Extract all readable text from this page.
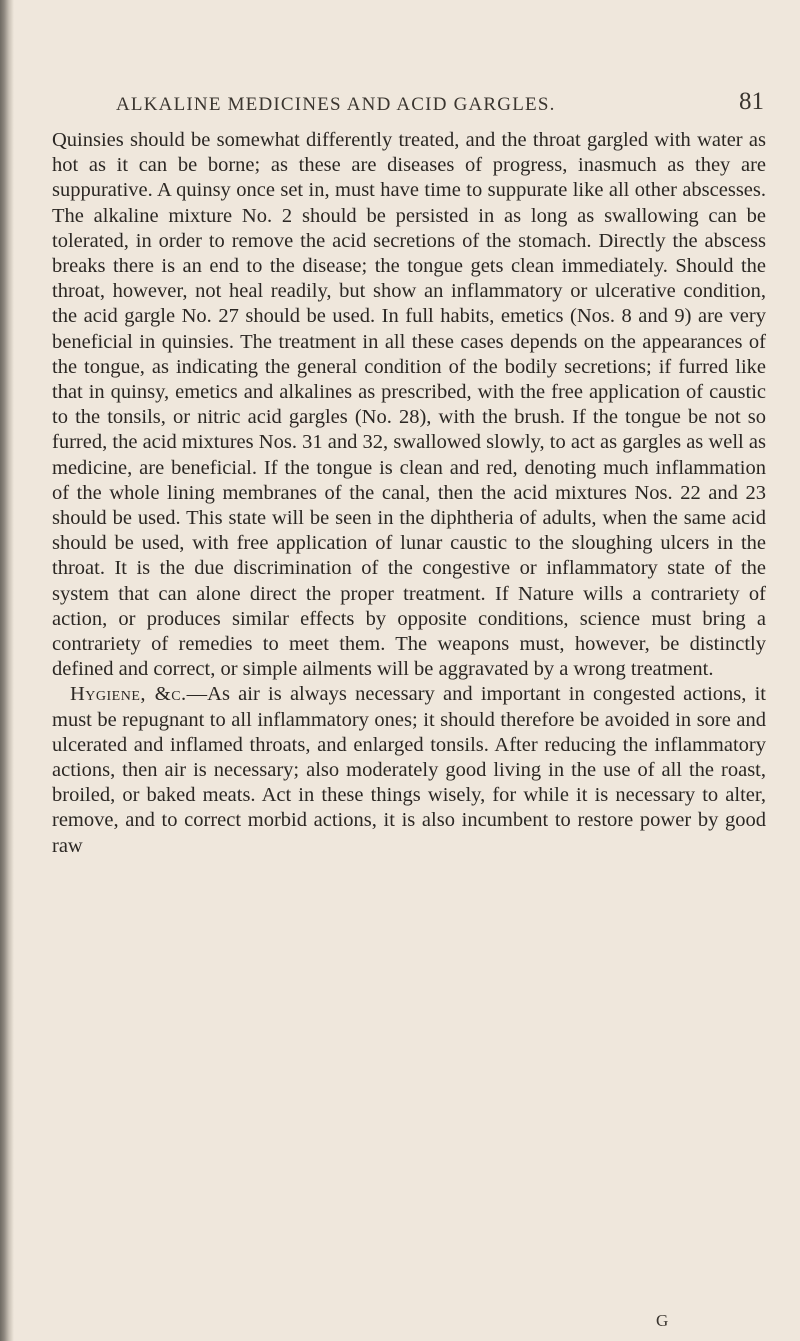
ALKALINE MEDICINES AND ACID GARGLES.	81

Quinsies should be somewhat differently treated, and the throat gargled with water as hot as it can be borne; as these are diseases of progress, inasmuch as they are suppurative. A quinsy once set in, must have time to suppurate like all other abscesses. The alkaline mixture No. 2 should be persisted in as long as swallowing can be tolerated, in order to remove the acid secretions of the stomach. Directly the abscess breaks there is an end to the disease; the tongue gets clean immediately. Should the throat, however, not heal readily, but show an inflammatory or ulcerative condition, the acid gargle No. 27 should be used. In full habits, emetics (Nos. 8 and 9) are very beneficial in quinsies. The treatment in all these cases depends on the appearances of the tongue, as indicating the general condition of the bodily secretions; if furred like that in quinsy, emetics and alkalines as prescribed, with the free application of caustic to the tonsils, or nitric acid gargles (No. 28), with the brush. If the tongue be not so furred, the acid mixtures Nos. 31 and 32, swallowed slowly, to act as gargles as well as medicine, are beneficial. If the tongue is clean and red, denoting much inflammation of the whole lining membranes of the canal, then the acid mixtures Nos. 22 and 23 should be used. This state will be seen in the diphtheria of adults, when the same acid should be used, with free application of lunar caustic to the sloughing ulcers in the throat. It is the due discrimination of the congestive or inflammatory state of the system that can alone direct the proper treatment. If Nature wills a contrariety of action, or produces similar effects by opposite conditions, science must bring a contrariety of remedies to meet them. The weapons must, however, be distinctly defined and correct, or simple ailments will be aggravated by a wrong treatment.

Hygiene, &c.—As air is always necessary and important in congested actions, it must be repugnant to all inflammatory ones; it should therefore be avoided in sore and ulcerated and inflamed throats, and enlarged tonsils. After reducing the inflammatory actions, then air is necessary; also moderately good living in the use of all the roast, broiled, or baked meats. Act in these things wisely, for while it is necessary to alter, remove, and to correct morbid actions, it is also incumbent to restore power by good raw

G
